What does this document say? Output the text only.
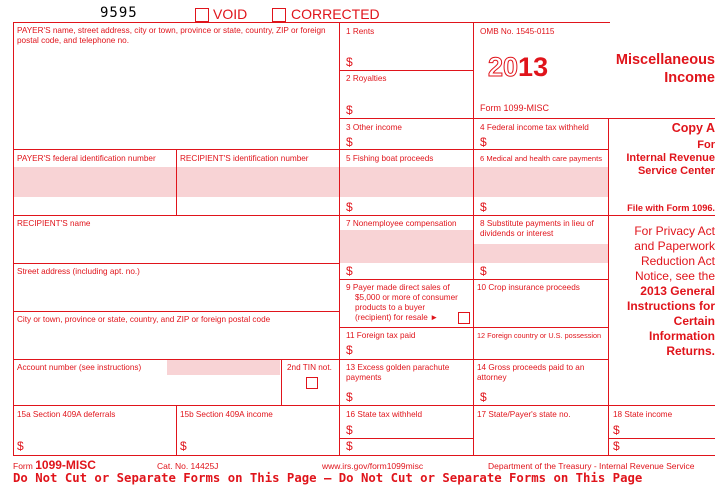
9595	VOID	CORRECTED
PAYER'S name, street address, city or town, province or state, country, ZIP or foreign postal code, and telephone no.
PAYER'S federal identification number	RECIPIENT'S identification number
RECIPIENT'S name
Street address (including apt. no.)
City or town, province or state, country, and ZIP or foreign postal code
Account number (see instructions)	2nd TIN not.
1 Rents
$
2 Royalties
$
3 Other income
$
5 Fishing boat proceeds
$
7 Nonemployee compensation
$
9 Payer made direct sales of
$5,000 or more of consumer
products to a buyer
(recipient) for resale ►
11 Foreign tax paid
$
13 Excess golden parachute payments
$
16 State tax withheld
$
$
OMB No. 1545-0115
2013
Form 1099-MISC
4 Federal income tax withheld
$
6 Medical and health care payments
$
8 Substitute payments in lieu of dividends or interest
$
10 Crop insurance proceeds
12 Foreign country or U.S. possession
14 Gross proceeds paid to an attorney
$
17 State/Payer's state no.
Miscellaneous
Income
Copy A
For
Internal Revenue
Service Center
File with Form 1096.
For Privacy Act
and Paperwork
Reduction Act
Notice, see the
2013 General
Instructions for
Certain
Information
Returns.
18 State income
$
$
15a Section 409A deferrals
$
15b Section 409A income
$
Form 1099-MISC	Cat. No. 14425J	www.irs.gov/form1099misc	Department of the Treasury - Internal Revenue Service
Do Not Cut or Separate Forms on This Page — Do Not Cut or Separate Forms on This Page
